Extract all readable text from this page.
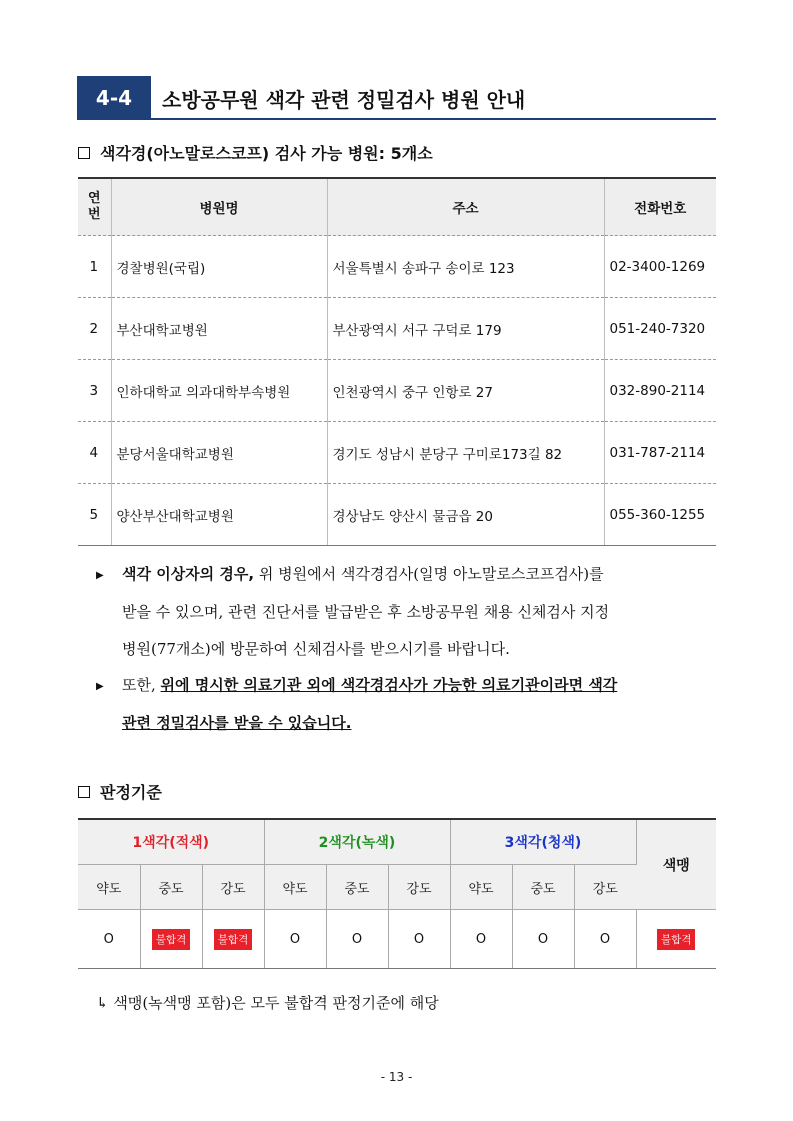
4-4	소방공무원 색각 관련 정밀검사 병원 안내
색각경(아노말로스코프) 검사 가능 병원: 5개소
연
번	병원명	주소	전화번호
1	경찰병원(국립)	서울특별시 송파구 송이로 123	02-3400-1269
2	부산대학교병원	부산광역시 서구 구덕로 179	051-240-7320
3	인하대학교 의과대학부속병원	인천광역시 중구 인항로 27	032-890-2114
4	분당서울대학교병원	경기도 성남시 분당구 구미로173길 82	031-787-2114
5	양산부산대학교병원	경상남도 양산시 물금읍 20	055-360-1255
▶ 색각 이상자의 경우, 위 병원에서 색각경검사(일명 아노말로스코프검사)를
받을 수 있으며, 관련 진단서를 발급받은 후 소방공무원 채용 신체검사 지정
병원(77개소)에 방문하여 신체검사를 받으시기를 바랍니다.
▶ 또한, 위에 명시한 의료기관 외에 색각경검사가 가능한 의료기관이라면 색각
관련 정밀검사를 받을 수 있습니다.
판정기준
1색각(적색)			2색각(녹색)			3색각(청색)			색맹
약도	중도	강도	약도	중도	강도	약도	중도	강도	
O	불합격	불합격	O	O	O	O	O	O	불합격
↳ 색맹(녹색맹 포함)은 모두 불합격 판정기준에 해당
- 13 -
